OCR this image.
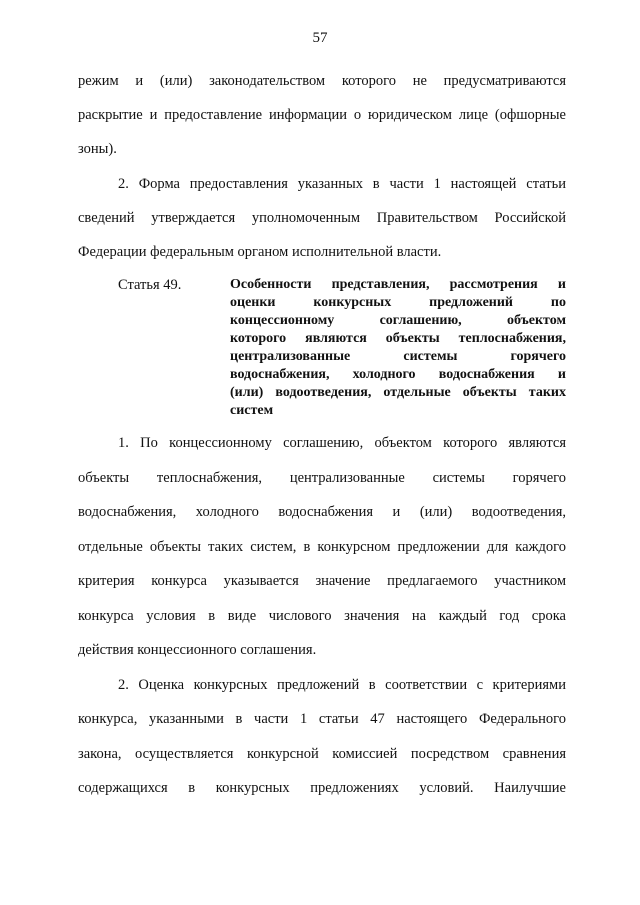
57
режим и (или) законодательством которого не предусматриваются
раскрытие и предоставление информации о юридическом лице (офшорные
зоны).
2. Форма предоставления указанных в части 1 настоящей статьи
сведений утверждается уполномоченным Правительством Российской
Федерации федеральным органом исполнительной власти.
Статья 49.	Особенности представления, рассмотрения и
оценки конкурсных предложений по
концессионному соглашению, объектом
которого являются объекты теплоснабжения,
централизованные системы горячего
водоснабжения, холодного водоснабжения и
(или) водоотведения, отдельные объекты таких
систем
1. По концессионному соглашению, объектом которого являются
объекты теплоснабжения, централизованные системы горячего
водоснабжения, холодного водоснабжения и (или) водоотведения,
отдельные объекты таких систем, в конкурсном предложении для каждого
критерия конкурса указывается значение предлагаемого участником
конкурса условия в виде числового значения на каждый год срока
действия концессионного соглашения.
2. Оценка конкурсных предложений в соответствии с критериями
конкурса, указанными в части 1 статьи 47 настоящего Федерального
закона, осуществляется конкурсной комиссией посредством сравнения
содержащихся в конкурсных предложениях условий. Наилучшие
